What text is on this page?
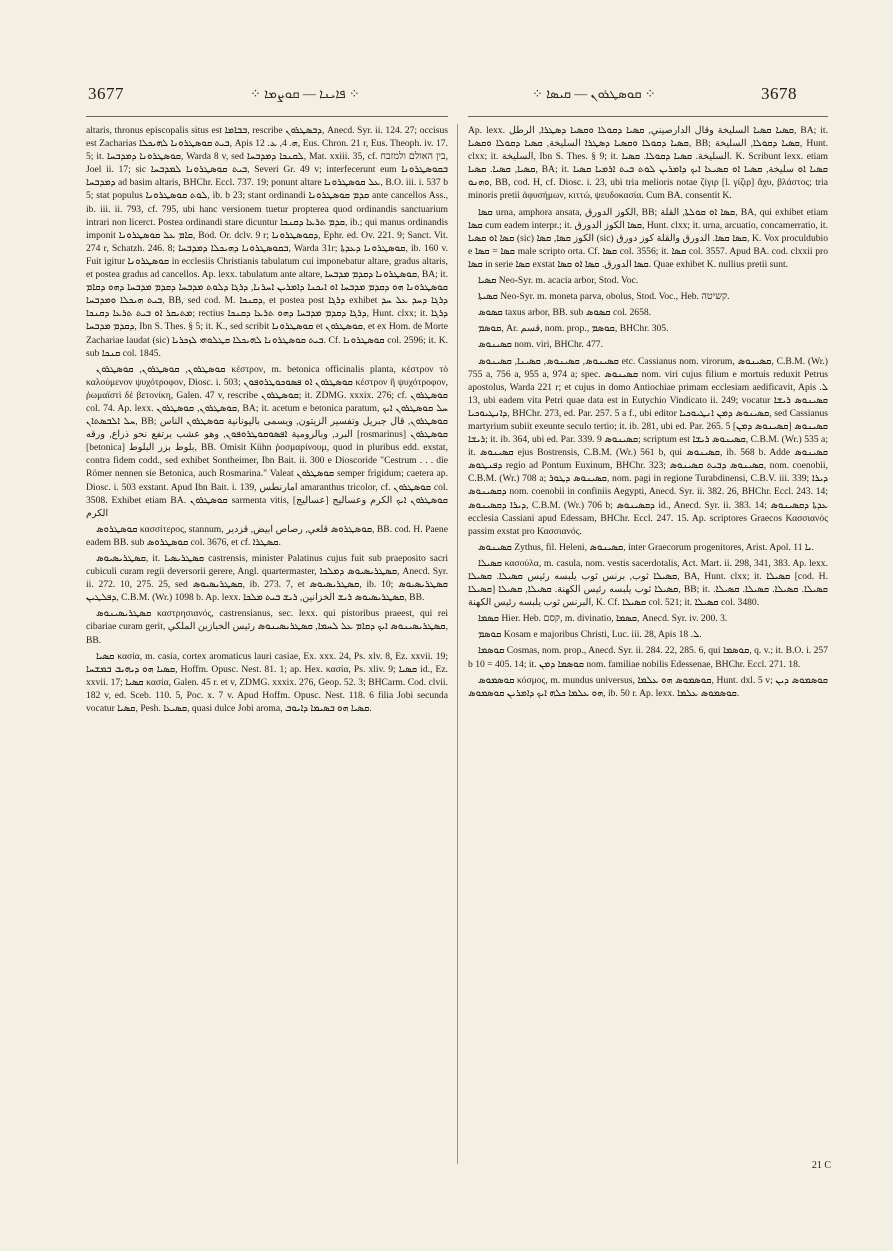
3677	⁘ ܦܐܝܢܐ — ܩܘܨܡܐ ⁘	⁘ ܩܘܣܛܪܘܢ — ܩܝܣܐ ⁘	3678

altaris, thronus episcopalis situs est ܒܒܐܡܐ, rescribe ܕܒܣܛܪܘܢ, Anecd. Syr. ii. 124. 27; occisus est Zacharias ܒܝܬ ܩܘܣܛܪܘܢܐ ܠܗܝܟܠܐ, Apis ܗ. 4, ܥ. 12, Eus. Chron. 21 r, Eus. Theoph. iv. 17. 5; it. ܩܘܣܛܪܘܢܐ ܕܡܕܒܚܐ, Warda 8 v, sed ܠܩܢܟܐ ܕܡܕܒܚܐ, Mat. xxiii. 35, cf. בין האולם ולמזבח, Joel ii. 17; sic ܒܝܬ ܩܘܣܛܪܘܢܐ ܠܡܕܒܚܐ, Severi Gr. 49 v; interfecerunt eum ܒܩܘܣܛܪܘܢܐ ܕܡܕܒܚܐ ad basim altaris, BHChr. Eccl. 737. 19; ponunt altare ܥܠ ܩܘܣܛܪܘܢܐ, B.O. iii. i. 537 b 5; stat populus ܠܘܬ ܩܘܣܛܪܘܢܐ, ib. b 23; stant ordinandi ܩܕܡ ܩܘܣܛܪܘܢܐ ante cancellos Ass., ib. iii. ii. 793, cf. 795, ubi hanc versionem tuetur propterea quod ordinandis sanctuarium intrari non licerct. Postea ordinandi stare dicuntur ܩܕܡ ܬܪܥܐ ܕܩܢܟܐ, ib.; qui manus ordinandis imponit ܩܐܡ ܥܠ ܩܘܣܛܪܘܢܐ, Bod. Or. dclv. 9 r; ܕܩܘܣܛܪܘܢܐ, Ephr. ed. Ov. 221. 9; Sanct. Vit. 274 r, Schatzh. 246. 8; ܒܩܘܣܛܪܘܢܐ ܕܗܝܟܠܐ ܕܡܕܒܚܐ, Warda 31r; ܩܘܣܛܪܘܢܐ ܕܥܕܬܐ, ib. 160 v. Fuit igitur ܩܘܣܛܪܘܢܐ in ecclesiis Christianis tabulatum cui imponebatur altare, gradus altaris, et postea gradus ad cancellos. Ap. lexx. tabulatum ante altare, ܩܘܣܛܪܘܢܐ ܕܩܕܡ ܡܕܒܚܐ, BA; it. ܩܘܣܛܪܘܢܐ ܗܘ ܕܩܕܡ ܡܕܒܚܐ ܐܘ ܐܝܟܢܐ ܕܐܡܪܝܢ ܐܚܪܢܐ, ܕܪܓܐ ܕܠܘܬ ܡܕܒܚܐ ܕܩܕܡ ܡܕܒܚܐ ܕܗܘ ܕܩܐܡ ܒܝܬ ܗܝܟܠܐ ܘܡܕܒܚܐ, BB, sed cod. M. ܕܩܢܟܐ, et postea post ܕܪܓܐ exhibet ܕܪܓܐ ܕܚܕ ܥܠ ܚܕ ܡܬܝܩܪ ܐܘ ܒܝܬ ܬܪܥܐ ܕܩܢܟܐ; rectius ܕܪܓܐ ܕܩܕܡ ܡܕܒܚܐ ܕܗܘ ܬܪܥܐ ܕܩܢܟܐ, Hunt. clxx; it. ܕܪܓܐ ܕܩܕܡ ܡܕܒܚܐ, Ibn S. Thes. § 5; it. K., sed scribit ܩܘܣܛܪܘܢܐ et ܩܘܣܛܪܘܢ, et ex Hom. de Morte Zachariae laudat (sic) ܒܝܬ ܩܘܣܛܪܘܢܐ ܠܗܝܟܠܐ ܩܛܠܘܗܝ ܠܙܟܪܝܐ. Cf. ܩܘܣܛܪܘܢܐ col. 2596; it. K. sub ܩܢܟܐ col. 1845.

ܩܘܣܛܪܘܢ, ܩܘܣܛܪܘܢ, ܩܘܣܛܪܘܢ κέστρον, m. betonica officinalis planta, κέστρον τὸ καλούμενον ψυχότροφον, Diosc. i. 503; ܩܘܣܛܪܘܢ ܐܘ ܦܣܘܟܘܛܪܘܦܘܢ κέστρον ἢ ψυχότροφον, ῥωμαϊστὶ δὲ βετονίκη, Galen. 47 v, rescribe ܩܘܣܛܪܘܢ; it. ZDMG. xxxix. 276; cf. ܩܘܣܛܪܘܢ col. 74. Ap. lexx. ܩܘܣܛܪܘܢ, ܩܘܣܛܪܘܢ, BA; it. acetum e betonica paratum, ܚܠ ܩܘܣܛܪܘܢ ܐܝܟ ܚܠ ܐܠܒܣܬܐܢ, BB; ܩܘܣܛܪܘܢ, قال جبريل وتفسير الزيتون, ويسمى باليونانية ܩܘܣܛܪܘܢ الناس البرد, وبالرومية ܐܦܣܘܩܘܛܪܘܦܘܢ, وهو عشب يرتفع نحو ذراع, ورقه [rosmarinus] ܩܘܣܛܪܘܢ [betonica] بلوط بزر البلوط, BB. Omisit Kühn ῥοσμαρίνουμ, quod in pluribus edd. exstat, contra fidem codd., sed exhibet Sontheimer, Ibn Bait. ii. 300 e Dioscoride "Cestrum . . . die Römer nennen sie Betonica, auch Rosmarina." Valeat ܩܘܣܛܪܘܢ semper frigidum; caetera ap. Diosc. i. 503 exstant. Apud Ibn Bait. i. 139, امارنطس amaranthus tricolor, cf. ܩܘܣܛܪܘܢ col. 3508. Exhibet etiam BA. ܩܘܣܛܪܘܢ sarmenta vitis, ܩܘܣܛܪܘܢ ܐܝܟ الكرم وعساليج [عساليج] الكرم

ܩܘܣܛܪܘܣ κασσίτερος, stannum, ܩܘܣܛܪܘܣ قلعي, رصاص ابيض, قزدير, BB. cod. H. Paene eadem BB. sub ܩܘܣܛܪܘܣ col. 3676, et cf. ܩܣܛܪܐ.

ܩܣܛܪܝܣܝܘܣ, it. ܩܣܛܪܝܣܝܐ castrensis, minister Palatinus cujus fuit sub praeposito sacri cubiculi curam regii deversorii gerere, Angl. quartermaster, ܩܣܛܪܝܣܝܘܣ ܕܡܠܟܐ, Anecd. Syr. ii. 272. 10, 275. 25, sed ܩܣܛܪܝܣܝܘܣ, ib. 273. 7, et ܩܣܛܪܝܣܝܘܣ, ib. 10; ܩܣܛܪܝܣܝܘܣ ܕܦܠܛܝܢ, C.B.M. (Wr.) 1098 b. Ap. lexx. ܩܣܛܪܝܣܝܘܣ ܪܝܫ الخزانين, ܪܝܫ ܒܝܬ ܡܠܟܐ, BB.

ܩܣܛܪܝܣܝܢܘܣ καστρησιανός, castrensianus, sec. lexx. qui pistoribus praeest, qui rei cibariae curam gerit, ܩܣܛܪܝܣܝܢܘܣ ܐܝܟ ܕܩܐܡ ܥܠ ܠܚܡܐ, ܩܣܛܪܝܣܝܢܘܣ رئيس الخبازين الملكي, BB.

ܩܣܝܐ κασία, m. casia, cortex aromaticus lauri casiae, Ex. xxx. 24, Ps. xlv. 8, Ez. xxvii. 19; ܩܣܝܐ ܗܘ ܕܝܗܝܒ ܒܡܫܚܐ, Hoffm. Opusc. Nest. 81. 1; ap. Hex. κασία, Ps. xliv. 9; ܩܣܝܐ id., Ez. xxvii. 17; ܩܣܝܐ κασία, Galen. 45 r. et v, ZDMG. xxxix. 276, Geop. 52. 3; BHCarm. Cod. clvii. 182 v, ed. Sceb. 110. 5, Poc. x. 7 v. Apud Hoffm. Opusc. Nest. 118. 6 filia Jobi secunda vocatur ܩܣܝܐ, Pesh. ܩܣܝܥܐ, quasi dulce Jobi aroma, ܩܣܝܐ ܗܘ ܒܣܝܡܐ ܕܐܝܘܒ.

Ap. lexx. ܩܣܝܐ ܩܣܝܐ السليخة وقال الدارصيني, ܩܣܝܐ ܕܩܘܠܐ ܘܩܣܝܐ ܕܣܛܪܐ, الرطل, BA; it. ܩܣܝܐ ܕܩܘܠܐ ܘܩܣܝܐ ܕܣܛܪܐ السليخة, ܩܣܝܐ ܕܩܘܠܐ ܘܩܣܝܐ, BB; ܩܣܝܐ ܕܩܘܠܐ, السليخة, Hunt. clxx; it. السليخة, Ibn S. Thes. § 9; it. السليخة. ܩܣܝܐ ܕܩܘܠܐ. ܩܣܝܐ. K. Scribunt lexx. etiam ܩܣܝܐ, ܩܣܝܐ. ܩܣܝܐ, BA; it. ܩܣܝܐ ܐܘ سليخة, ܩܣܝܐ ܐܘ ܩܣܝܥܐ ܐܝܟ ܕܐܡܪܝܢ ܠܘܬ ܒܝܬ ܐܪܡܝܐ ܩܣܝܐ ܘܗܢܘ, BB, cod. H, cf. Diosc. i. 23, ubi tria melioris notae ζίγιρ [l. γίζιρ] ἄχυ, βλάστος; tria minoris pretii ἀφυσήμων, κιττώ, ψευδοκασία. Cum BA. consentit K.

ܩܣܐ urna, amphora ansata, الكوز الدورق, BB; ܩܣܐ ܐܘ ܩܘܠܬܐ, القلة, BA, qui exhibet etiam ܩܣܐ cum eadem interpr.; it. ܩܣܐ الكوز الدورق, Hunt. clxx; it. urna, arcuatio, concamerratio, it. ܩܣܐ ܐܘ ܩܣܝܐ (sic) الكوز ܩܣܐ, ܩܣܐ (sic) ܩܣܐ ܩܣܐ. الدورق والقلة كوز دورق, K. Vox proculdubio e ܩܣܐ = ܩܣܐ male scripto orta. Cf. ܩܣܐ col. 3556; it. ܩܣܐ col. 3557. Apud BA. cod. clxxii pro ܩܣܐ in serie ܩܣܐ exstat ܩܣܐ الدورق. ܩܣܐ ܐܘ ܩܣܐ. Quae exhibet K. nullius pretii sunt.

ܩܣܝܐ Neo-Syr. m. acacia arbor, Stod. Voc.

ܩܣܝܬܐ Neo-Syr. m. moneta parva, obolus, Stod. Voc., Heb. קשיטה.

ܩܣܘܣ taxus arbor, BB. sub ܩܣܘܣ col. 2658.

ܩܘܣܡ, Ar. قسم, nom. prop., ܩܘܣܡ, BHChr. 305.

ܩܣܝܢܘܣ nom. viri, BHChr. 477.

ܩܣܝܢܘܣ, ܩܣܝܢܘܣ, ܩܣܝܢܐ, ܩܣܝܢܘܣ etc. Cassianus nom. virorum, ܩܣܝܢܘܣ, C.B.M. (Wr.) 755 a, 756 a, 955 a, 974 a; spec. ܩܣܝܢܘܣ nom. viri cujus filium e mortuis reduxit Petrus apostolus, Warda 221 r; et cujus in domo Antiochiae primam ecclesiam aedificavit, Apis ܠ. 13, ubi eadem vita Petri quae data est in Eutychio Vindicato ii. 249; vocatur ܩܣܝܢܘܣ ܪܝܫܐ ܕܐܢܛܝܘܟܝܐ, BHChr. 273, ed. Par. 257. 5 a f., ubi editor ܩܣܝܢܘܣ ܕܡܢ ܐܢܛܝܘܟܝܐ, sed Cassianus martyrium subiit exeunte seculo tertio; it. ib. 281, ubi ed. Par. 265. 5 [ܩܣܝܢܘܣ ܕܡܢ] ܩܣܝܢܘܣ ܪܝܫܐ; it. ib. 364, ubi ed. Par. 339. 9 ܩܣܝܢܘܣ; scriptum est ܩܣܝܢܘܣ ܪܝܫܐ, C.B.M. (Wr.) 535 a; it. ܩܣܝܢܘܣ ejus Bostrensis, C.B.M. (Wr.) 561 b, qui ܩܣܝܢܘܣ, ib. 568 b. Adde ܩܣܝܢܘܣ ܕܦܢܛܘܣ regio ad Pontum Euxinum, BHChr. 323; ܩܣܝܢܘܣ ܕܒܝܬ ܩܣܝܢܘܣ, nom. coenobii, C.B.M. (Wr.) 708 a; ܩܣܝܢܘܣ ܕܛܘܪ, nom. pagi in regione Turabdinensi, C.B.V. iii. 339; ܕܝܪܐ ܕܩܣܝܢܘܣ nom. coenobii in confiniis Aegypti, Anecd. Syr. ii. 382. 26, BHChr. Eccl. 243. 14; ܕܝܪܐ ܕܩܣܝܢܘܣ, C.B.M. (Wr.) 706 b; ܕܩܣܝܢܘܣ id., Anecd. Syr. ii. 383. 14; ܥܕܬܐ ܕܩܣܝܢܘܣ ecclesia Cassiani apud Edessam, BHChr. Eccl. 247. 15. Ap. scriptores Graecos Κασσιανός passim exstat pro Κασσιανός.

ܩܣܝܢܘܣ Zythus, fil. Heleni, ܩܣܝܢܘܣ, inter Graecorum progenitores, Arist. Apol. ܝܐ 11.

ܩܣܝܠܐ κασούλα, m. casula, nom. vestis sacerdotalis, Act. Mart. ii. 298, 341, 383. Ap. lexx. ܩܣܝܠܐ ثوب, برنس ثوب يلبسه رئيس ܩܣܝܠܐ. ܩܣܝܠܐ, BA, Hunt. clxx; it. ܩܣܝܠܐ [cod. H. ܩܣܝܠܐ] ܩܣܝܠܐ ثوب يلبسه رئيس الكهنة. ܩܣܝܠܐ, ܩܣܝܠܐ, BB; it. ܩܣܝܠܐ. ܩܣܝܠܐ. ܩܣܝܠܐ. ܩܣܝܠܐ. البرنس ثوب يلبسه رئيس الكهنة, K. Cf. ܩܣܝܠܐ col. 521; it. ܩܣܝܠܐ col. 3480.

ܩܣܡܐ Hier. Heb. קסם, m. divinatio, ܩܣܡܐ, Anecd. Syr. iv. 200. 3.

ܩܘܣܡ Kosam e majoribus Christi, Luc. iii. 28, Apis ܠ. 18.

ܩܘܣܡܐ Cosmas, nom. prop., Anecd. Syr. ii. 284. 22, 285. 6, qui ܩܘܣܡܐ, q. v.; it. B.O. i. 257 b 10 = 405. 14; it. ܩܘܣܡܐ ܕܡܢ nom. familiae nobilis Edessenae, BHChr. Eccl. 271. 18.

ܩܘܣܡܘܣ κόσμος, m. mundus universus, ܩܘܣܡܘܣ ܗܘ ܥܠܡܐ, Hunt. dxl. 5 v; ܩܘܣܡܘܣ ܕܝܢ ܗܘ ܥܠܡܐ ܟܠܗ ܐܝܟ ܕܐܡܪܝܢ ܩܘܣܡܘܣ, ib. 50 r. Ap. lexx. ܩܘܣܡܘܣ ܥܠܡܐ.

21 C
